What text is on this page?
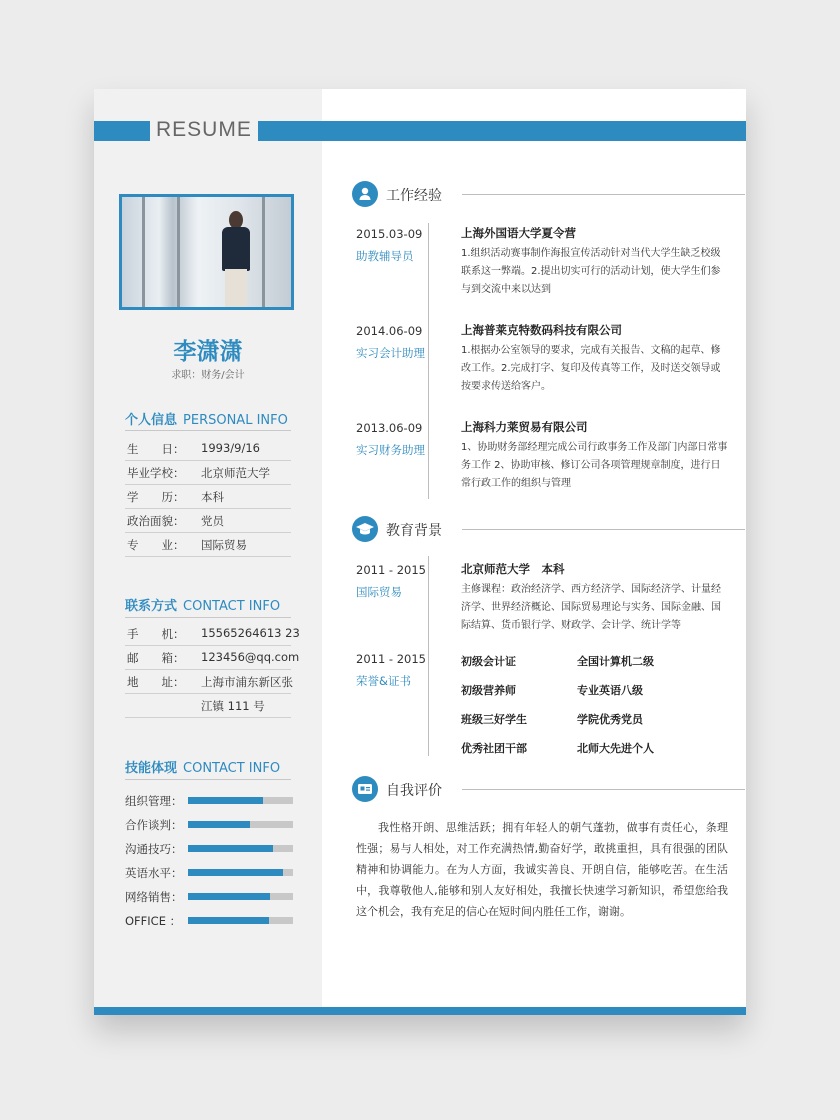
RESUME
李潇潇
求职：财务/会计
个人信息 PERSONAL INFO
生　　日： 1993/9/16
毕业学校： 北京师范大学
学　　历： 本科
政治面貌： 党员
专　　业： 国际贸易
联系方式 CONTACT INFO
手　　机： 15565264613 23
邮　　箱： 123456@qq.com
地　　址： 上海市浦东新区张
江镇 111 号
技能体现 CONTACT INFO
组织管理：
合作谈判：
沟通技巧：
英语水平：
网络销售：
OFFICE ：
工作经验
2015.03-09
助教辅导员
上海外国语大学夏令营
1.组织活动赛事制作海报宣传活动针对当代大学生缺乏校级联系这一弊端。2.提出切实可行的活动计划，使大学生们参与到交流中来以达到
2014.06-09
实习会计助理
上海普莱克特数码科技有限公司
1.根据办公室领导的要求，完成有关报告、文稿的起草、修改工作。2.完成打字、复印及传真等工作，及时送交领导或按要求传送给客户。
2013.06-09
实习财务助理
上海科力莱贸易有限公司
1、协助财务部经理完成公司行政事务工作及部门内部日常事务工作 2、协助审核、修订公司各项管理规章制度，进行日常行政工作的组织与管理
教育背景
2011 - 2015
国际贸易
北京师范大学　本科
主修课程：政治经济学、西方经济学、国际经济学、计量经济学、世界经济概论、国际贸易理论与实务、国际金融、国际结算、货币银行学、财政学、会计学、统计学等
2011 - 2015
荣誉&证书
初级会计证	全国计算机二级
初级营养师	专业英语八级
班级三好学生	学院优秀党员
优秀社团干部	北师大先进个人
自我评价
我性格开朗、思维活跃；拥有年轻人的朝气蓬勃，做事有责任心，条理性强；易与人相处，对工作充满热情,勤奋好学，敢挑重担，具有很强的团队精神和协调能力。在为人方面，我诚实善良、开朗自信，能够吃苦。在生活中，我尊敬他人,能够和别人友好相处，我擅长快速学习新知识，希望您给我这个机会，我有充足的信心在短时间内胜任工作，谢谢。
